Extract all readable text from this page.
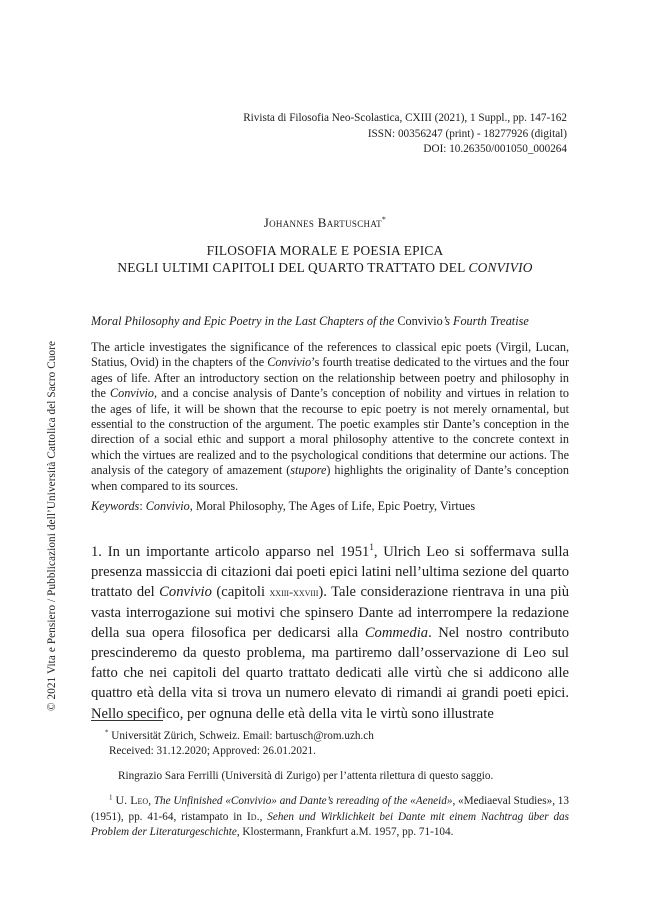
Rivista di Filosofia Neo-Scolastica, CXIII (2021), 1 Suppl., pp. 147-162
ISSN: 00356247 (print) - 18277926 (digital)
DOI: 10.26350/001050_000264
Johannes Bartuschat*
FILOSOFIA MORALE E POESIA EPICA
NEGLI ULTIMI CAPITOLI DEL QUARTO TRATTATO DEL CONVIVIO
Moral Philosophy and Epic Poetry in the Last Chapters of the Convivio’s Fourth Treatise

The article investigates the significance of the references to classical epic poets (Virgil, Lucan, Statius, Ovid) in the chapters of the Convivio’s fourth treatise dedicated to the virtues and the four ages of life. After an introductory section on the relationship between poetry and philosophy in the Convivio, and a concise analysis of Dante’s conception of nobility and virtues in relation to the ages of life, it will be shown that the recourse to epic poetry is not merely ornamental, but essential to the construction of the argument. The poetic examples stir Dante’s conception in the direction of a social ethic and support a moral philosophy attentive to the concrete context in which the virtues are realized and to the psychological conditions that determine our actions. The analysis of the category of amazement (stupore) highlights the originality of Dante’s conception when compared to its sources.

Keywords: Convivio, Moral Philosophy, The Ages of Life, Epic Poetry, Virtues

1. In un importante articolo apparso nel 1951$^1$, Ulrich Leo si soffermava sulla presenza massiccia di citazioni dai poeti epici latini nell’ultima sezione del quarto trattato del Convivio (capitoli xxiii-xxviii). Tale considerazione rientrava in una più vasta interrogazione sui motivi che spinsero Dante ad interrompere la redazione della sua opera filosofica per dedicarsi alla Commedia. Nel nostro contributo prescinderemo da questo problema, ma partiremo dall’osservazione di Leo sul fatto che nei capitoli del quarto trattato dedicati alle virtù che si addicono alle quattro età della vita si trova un numero elevato di rimandi ai grandi poeti epici. Nello specifico, per ognuna delle età della vita le virtù sono illustrate

* Universität Zürich, Schweiz. Email: bartusch@rom.uzh.ch

Received: 31.12.2020; Approved: 26.01.2021.

Ringrazio Sara Ferrilli (Università di Zurigo) per l’attenta rilettura di questo saggio.

$^1$ U. Leo, The Unfinished «Convivio» and Dante’s rereading of the «Aeneid», «Mediaeval Studies», 13 (1951), pp. 41-64, ristampato in Id., Sehen und Wirklichkeit bei Dante mit einem Nachtrag über das Problem der Literaturgeschichte, Klostermann, Frankfurt a.M. 1957, pp. 71-104.

© 2021 Vita e Pensiero / Pubblicazioni dell’Università Cattolica del Sacro Cuore
